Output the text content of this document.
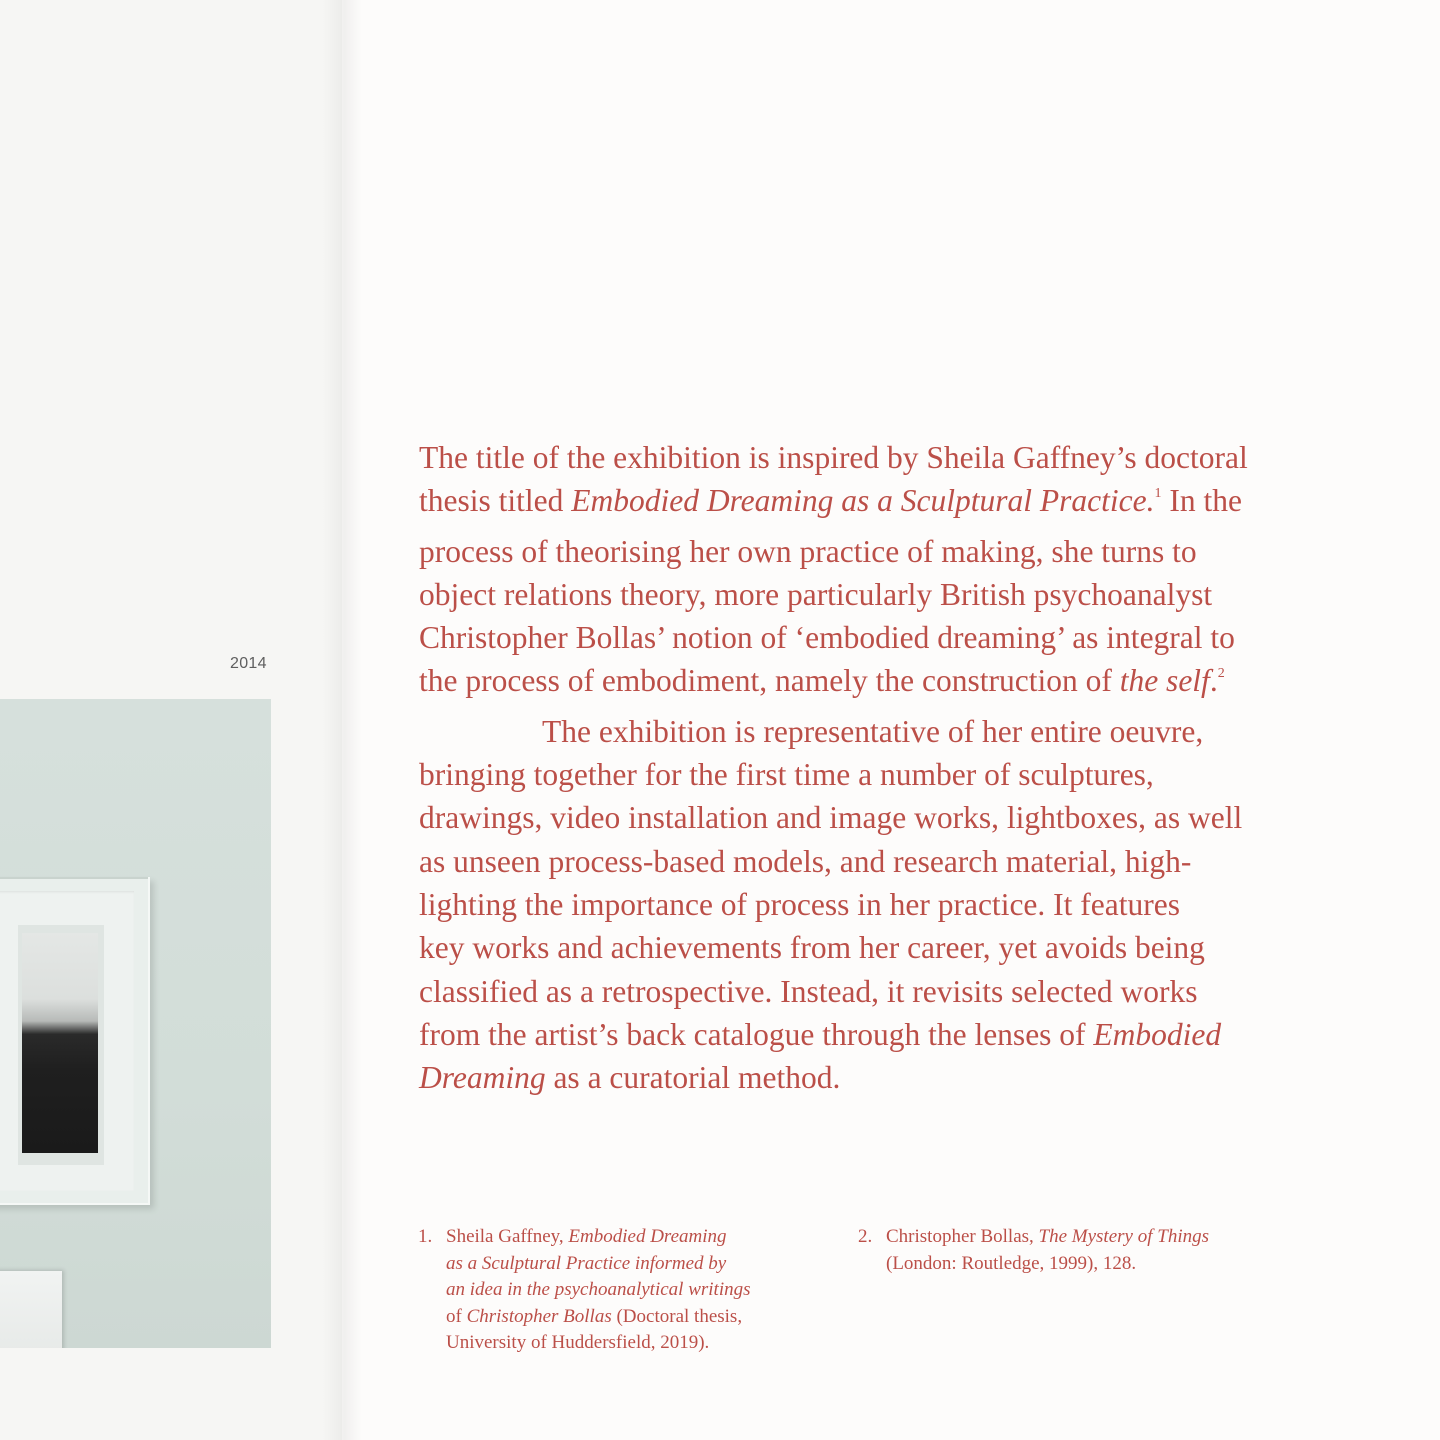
2014
The title of the exhibition is inspired by Sheila Gaffney’s doctoral
thesis titled Embodied Dreaming as a Sculptural Practice.$^1$ In the
process of theorising her own practice of making, she turns to
object relations theory, more particularly British psychoanalyst
Christopher Bollas’ notion of ‘embodied dreaming’ as integral to
the process of embodiment, namely the construction of the self.$^2$
The exhibition is representative of her entire oeuvre,
bringing together for the first time a number of sculptures,
drawings, video installation and image works, lightboxes, as well
as unseen process-based models, and research material, high-
lighting the importance of process in her practice. It features
key works and achievements from her career, yet avoids being
classified as a retrospective. Instead, it revisits selected works
from the artist’s back catalogue through the lenses of Embodied
Dreaming as a curatorial method.
1. Sheila Gaffney, Embodied Dreaming
as a Sculptural Practice informed by
an idea in the psychoanalytical writings
of Christopher Bollas (Doctoral thesis,
University of Huddersfield, 2019).
2. Christopher Bollas, The Mystery of Things
(London: Routledge, 1999), 128.
